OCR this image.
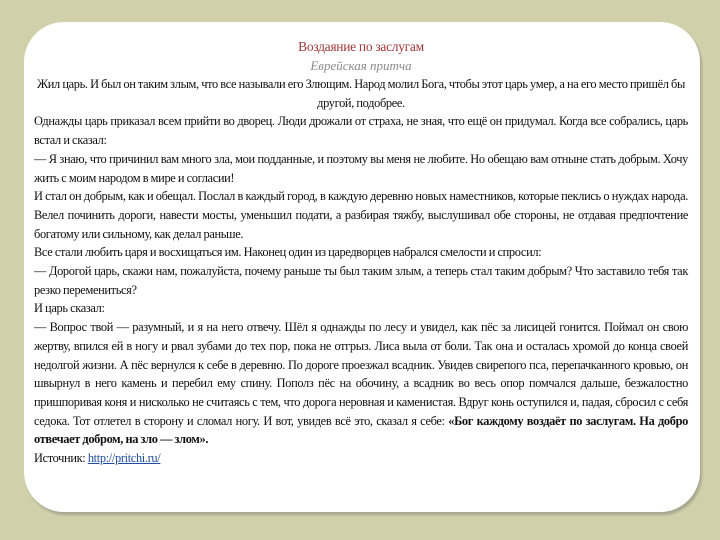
Воздаяние по заслугам
Еврейская притча

Жил царь. И был он таким злым, что все называли его Злющим. Народ молил Бога, чтобы этот царь умер, а на его место пришёл бы другой, подобрее.

Однажды царь приказал всем прийти во дворец. Люди дрожали от страха, не зная, что ещё он придумал. Когда все собрались, царь встал и сказал:

— Я знаю, что причинил вам много зла, мои подданные, и поэтому вы меня не любите. Но обещаю вам отныне стать добрым. Хочу жить с моим народом в мире и согласии!

И стал он добрым, как и обещал. Послал в каждый город, в каждую деревню новых наместников, которые пеклись о нуждах народа. Велел починить дороги, навести мосты, уменьшил подати, а разбирая тяжбу, выслушивал обе стороны, не отдавая предпочтение богатому или сильному, как делал раньше.

Все стали любить царя и восхищаться им. Наконец один из царедворцев набрался смелости и спросил:

— Дорогой царь, скажи нам, пожалуйста, почему раньше ты был таким злым, а теперь стал таким добрым? Что заставило тебя так резко перемениться?

И царь сказал:

— Вопрос твой — разумный, и я на него отвечу. Шёл я однажды по лесу и увидел, как пёс за лисицей гонится. Поймал он свою жертву, впился ей в ногу и рвал зубами до тех пор, пока не отгрыз. Лиса выла от боли. Так она и осталась хромой до конца своей недолгой жизни. А пёс вернулся к себе в деревню. По дороге проезжал всадник. Увидев свирепого пса, перепачканного кровью, он швырнул в него камень и перебил ему спину. Пополз пёс на обочину, а всадник во весь опор помчался дальше, безжалостно пришпоривая коня и нисколько не считаясь с тем, что дорога неровная и каменистая. Вдруг конь оступился и, падая, сбросил с себя седока. Тот отлетел в сторону и сломал ногу. И вот, увидев всё это, сказал я себе: «Бог каждому воздаёт по заслугам. На добро отвечает добром, на зло — злом».

Источник: http://pritchi.ru/
